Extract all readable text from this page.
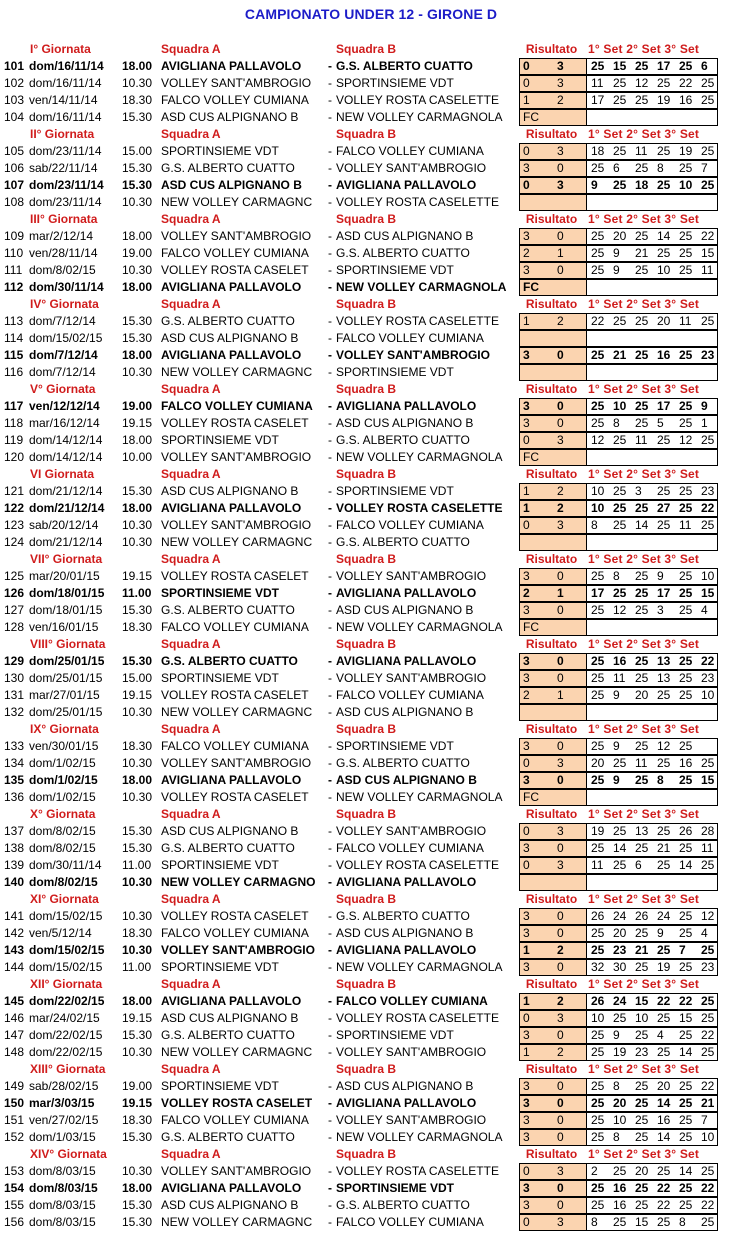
CAMPIONATO UNDER 12 - GIRONE D
I° Giornata	Squadra A	Squadra B	Risultato 1° Set 2° Set 3° Set
101 dom/16/11/14	18.00 AVIGLIANA PALLAVOLO	- G.S. ALBERTO CUATTO	0 3 25 15 25 17 25 6
102 dom/16/11/14	10.30 VOLLEY SANT'AMBROGIO	- SPORTINSIEME VDT	0 3 11 25 12 25 22 25
103 ven/14/11/14	18.30 FALCO VOLLEY CUMIANA	- VOLLEY ROSTA CASELETTE	1 2 17 25 25 19 16 25
104 dom/16/11/14	15.30 ASD CUS ALPIGNANO B	- NEW VOLLEY CARMAGNOLA	FC
II° Giornata	Squadra A	Squadra B	Risultato 1° Set 2° Set 3° Set
105 dom/23/11/14	15.00 SPORTINSIEME VDT	- FALCO VOLLEY CUMIANA	0 3 18 25 11 25 19 25
106 sab/22/11/14	15.30 G.S. ALBERTO CUATTO	- VOLLEY SANT'AMBROGIO	3 0 25 6 25 8 25 7
107 dom/23/11/14	15.30 ASD CUS ALPIGNANO B	- AVIGLIANA PALLAVOLO	0 3 9 25 18 25 10 25
108 dom/23/11/14	10.30 NEW VOLLEY CARMAGNC	- VOLLEY ROSTA CASELETTE
III° Giornata	Squadra A	Squadra B	Risultato 1° Set 2° Set 3° Set
109 mar/2/12/14	18.00 VOLLEY SANT'AMBROGIO	- ASD CUS ALPIGNANO B	3 0 25 20 25 14 25 22
110 ven/28/11/14	19.00 FALCO VOLLEY CUMIANA	- G.S. ALBERTO CUATTO	2 1 25 9 21 25 25 15
111 dom/8/02/15	10.30 VOLLEY ROSTA CASELET	- SPORTINSIEME VDT	3 0 25 9 25 10 25 11
112 dom/30/11/14	18.00 AVIGLIANA PALLAVOLO	- NEW VOLLEY CARMAGNOLA	FC
IV° Giornata	Squadra A	Squadra B	Risultato 1° Set 2° Set 3° Set
113 dom/7/12/14	15.30 G.S. ALBERTO CUATTO	- VOLLEY ROSTA CASELETTE	1 2 22 25 25 20 11 25
114 dom/15/02/15	15.30 ASD CUS ALPIGNANO B	- FALCO VOLLEY CUMIANA
115 dom/7/12/14	18.00 AVIGLIANA PALLAVOLO	- VOLLEY SANT'AMBROGIO	3 0 25 21 25 16 25 23
116 dom/7/12/14	10.30 NEW VOLLEY CARMAGNC	- SPORTINSIEME VDT
V° Giornata	Squadra A	Squadra B	Risultato 1° Set 2° Set 3° Set
117 ven/12/12/14	19.00 FALCO VOLLEY CUMIANA	- AVIGLIANA PALLAVOLO	3 0 25 10 25 17 25 9
118 mar/16/12/14	19.15 VOLLEY ROSTA CASELET	- ASD CUS ALPIGNANO B	3 0 25 8 25 5 25 1
119 dom/14/12/14	18.00 SPORTINSIEME VDT	- G.S. ALBERTO CUATTO	0 3 12 25 11 25 12 25
120 dom/14/12/14	10.00 VOLLEY SANT'AMBROGIO	- NEW VOLLEY CARMAGNOLA	FC
VI Giornata	Squadra A	Squadra B	Risultato 1° Set 2° Set 3° Set
121 dom/21/12/14	15.30 ASD CUS ALPIGNANO B	- SPORTINSIEME VDT	1 2 10 25 3 25 25 23
122 dom/21/12/14	18.00 AVIGLIANA PALLAVOLO	- VOLLEY ROSTA CASELETTE	1 2 10 25 25 27 25 22
123 sab/20/12/14	10.30 VOLLEY SANT'AMBROGIO	- FALCO VOLLEY CUMIANA	0 3 8 25 14 25 11 25
124 dom/21/12/14	10.30 NEW VOLLEY CARMAGNC	- G.S. ALBERTO CUATTO
VII° Giornata	Squadra A	Squadra B	Risultato 1° Set 2° Set 3° Set
125 mar/20/01/15	19.15 VOLLEY ROSTA CASELET	- VOLLEY SANT'AMBROGIO	3 0 25 8 25 9 25 10
126 dom/18/01/15	11.00 SPORTINSIEME VDT	- AVIGLIANA PALLAVOLO	2 1 17 25 25 17 25 15
127 dom/18/01/15	15.30 G.S. ALBERTO CUATTO	- ASD CUS ALPIGNANO B	3 0 25 12 25 3 25 4
128 ven/16/01/15	18.30 FALCO VOLLEY CUMIANA	- NEW VOLLEY CARMAGNOLA	FC
VIII° Giornata	Squadra A	Squadra B	Risultato 1° Set 2° Set 3° Set
129 dom/25/01/15	15.30 G.S. ALBERTO CUATTO	- AVIGLIANA PALLAVOLO	3 0 25 16 25 13 25 22
130 dom/25/01/15	15.00 SPORTINSIEME VDT	- VOLLEY SANT'AMBROGIO	3 0 25 11 25 13 25 23
131 mar/27/01/15	19.15 VOLLEY ROSTA CASELET	- FALCO VOLLEY CUMIANA	2 1 25 9 20 25 25 10
132 dom/25/01/15	10.30 NEW VOLLEY CARMAGNC	- ASD CUS ALPIGNANO B
IX° Giornata	Squadra A	Squadra B	Risultato 1° Set 2° Set 3° Set
133 ven/30/01/15	18.30 FALCO VOLLEY CUMIANA	- SPORTINSIEME VDT	3 0 25 9 25 12 25
134 dom/1/02/15	10.30 VOLLEY SANT'AMBROGIO	- G.S. ALBERTO CUATTO	0 3 20 25 11 25 16 25
135 dom/1/02/15	18.00 AVIGLIANA PALLAVOLO	- ASD CUS ALPIGNANO B	3 0 25 9 25 8 25 15
136 dom/1/02/15	10.30 VOLLEY ROSTA CASELET	- NEW VOLLEY CARMAGNOLA	FC
X° Giornata	Squadra A	Squadra B	Risultato 1° Set 2° Set 3° Set
137 dom/8/02/15	15.30 ASD CUS ALPIGNANO B	- VOLLEY SANT'AMBROGIO	0 3 19 25 13 25 26 28
138 dom/8/02/15	15.30 G.S. ALBERTO CUATTO	- FALCO VOLLEY CUMIANA	3 0 25 14 25 21 25 11
139 dom/30/11/14	11.00 SPORTINSIEME VDT	- VOLLEY ROSTA CASELETTE	0 3 11 25 6 25 14 25
140 dom/8/02/15	10.30 NEW VOLLEY CARMAGNO	- AVIGLIANA PALLAVOLO
XI° Giornata	Squadra A	Squadra B	Risultato 1° Set 2° Set 3° Set
141 dom/15/02/15	10.30 VOLLEY ROSTA CASELET	- G.S. ALBERTO CUATTO	3 0 26 24 26 24 25 12
142 ven/5/12/14	18.30 FALCO VOLLEY CUMIANA	- ASD CUS ALPIGNANO B	3 0 25 20 25 9 25 4
143 dom/15/02/15	10.30 VOLLEY SANT'AMBROGIO	- AVIGLIANA PALLAVOLO	1 2 25 23 21 25 7 25
144 dom/15/02/15	11.00 SPORTINSIEME VDT	- NEW VOLLEY CARMAGNOLA	3 0 32 30 25 19 25 23
XII° Giornata	Squadra A	Squadra B	Risultato 1° Set 2° Set 3° Set
145 dom/22/02/15	18.00 AVIGLIANA PALLAVOLO	- FALCO VOLLEY CUMIANA	1 2 26 24 15 22 22 25
146 mar/24/02/15	19.15 ASD CUS ALPIGNANO B	- VOLLEY ROSTA CASELETTE	0 3 10 25 10 25 15 25
147 dom/22/02/15	15.30 G.S. ALBERTO CUATTO	- SPORTINSIEME VDT	3 0 25 9 25 4 25 22
148 dom/22/02/15	10.30 NEW VOLLEY CARMAGNC	- VOLLEY SANT'AMBROGIO	1 2 25 19 23 25 14 25
XIII° Giornata	Squadra A	Squadra B	Risultato 1° Set 2° Set 3° Set
149 sab/28/02/15	19.00 SPORTINSIEME VDT	- ASD CUS ALPIGNANO B	3 0 25 8 25 20 25 22
150 mar/3/03/15	19.15 VOLLEY ROSTA CASELET	- AVIGLIANA PALLAVOLO	3 0 25 20 25 14 25 21
151 ven/27/02/15	18.30 FALCO VOLLEY CUMIANA	- VOLLEY SANT'AMBROGIO	3 0 25 10 25 16 25 7
152 dom/1/03/15	15.30 G.S. ALBERTO CUATTO	- NEW VOLLEY CARMAGNOLA	3 0 25 8 25 14 25 10
XIV° Giornata	Squadra A	Squadra B	Risultato 1° Set 2° Set 3° Set
153 dom/8/03/15	10.30 VOLLEY SANT'AMBROGIO	- VOLLEY ROSTA CASELETTE	0 3 2 25 20 25 14 25
154 dom/8/03/15	18.00 AVIGLIANA PALLAVOLO	- SPORTINSIEME VDT	3 0 25 16 25 22 25 22
155 dom/8/03/15	15.30 ASD CUS ALPIGNANO B	- G.S. ALBERTO CUATTO	3 0 25 16 25 22 25 22
156 dom/8/03/15	15.30 NEW VOLLEY CARMAGNC	- FALCO VOLLEY CUMIANA	0 3 8 25 15 25 8 25
